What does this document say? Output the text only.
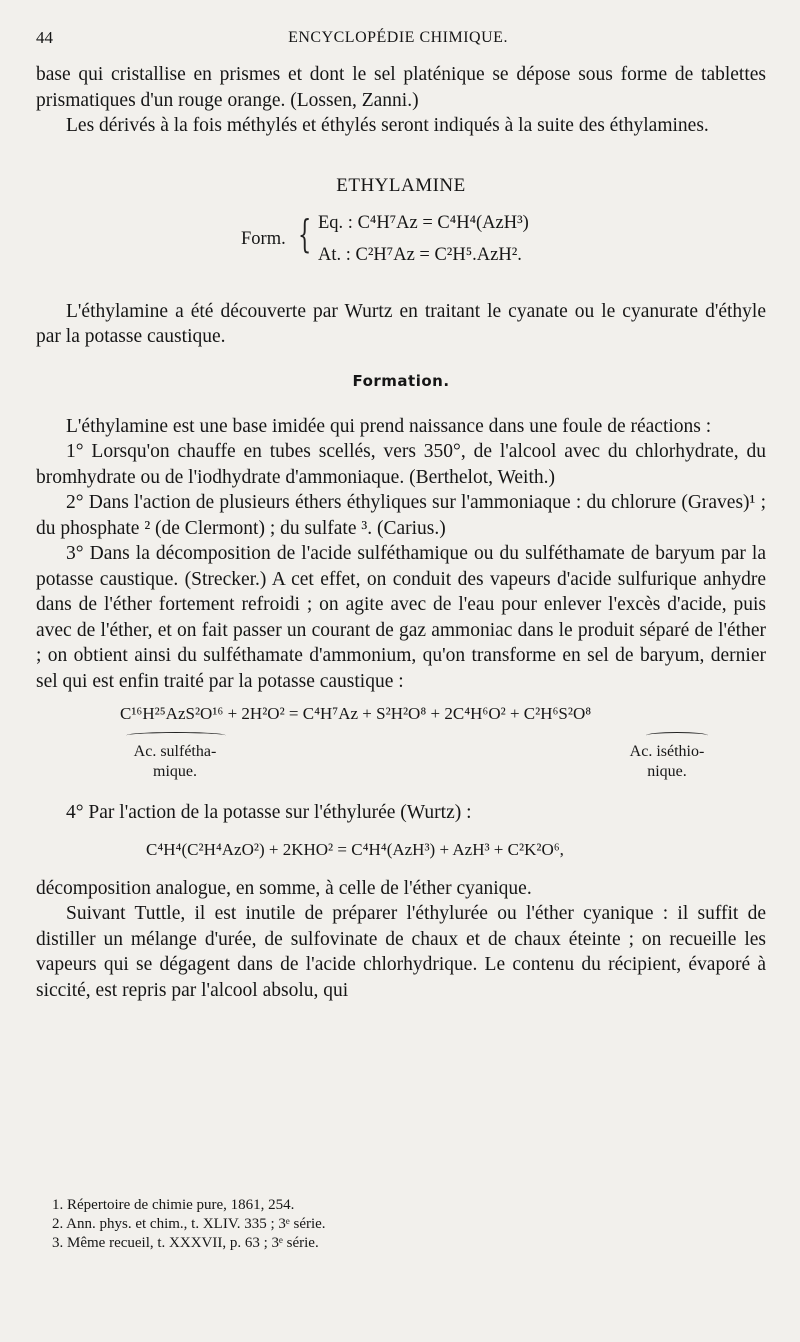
44	ENCYCLOPÉDIE CHIMIQUE.

base qui cristallise en prismes et dont le sel platénique se dépose sous forme de tablettes prismatiques d'un rouge orange. (Lossen, Zanni.)

Les dérivés à la fois méthylés et éthylés seront indiqués à la suite des éthylamines.

ETHYLAMINE
Form. { Eq. : C⁴H⁷Az = C⁴H⁴(AzH³)
At. : C²H⁷Az = C²H⁵.AzH².

L'éthylamine a été découverte par Wurtz en traitant le cyanate ou le cyanurate d'éthyle par la potasse caustique.

Formation.

L'éthylamine est une base imidée qui prend naissance dans une foule de réactions :

1° Lorsqu'on chauffe en tubes scellés, vers 350°, de l'alcool avec du chlorhydrate, du bromhydrate ou de l'iodhydrate d'ammoniaque. (Berthelot, Weith.)

2° Dans l'action de plusieurs éthers éthyliques sur l'ammoniaque : du chlorure (Graves)¹ ; du phosphate ² (de Clermont) ; du sulfate ³. (Carius.)

3° Dans la décomposition de l'acide sulféthamique ou du sulféthamate de baryum par la potasse caustique. (Strecker.) A cet effet, on conduit des vapeurs d'acide sulfurique anhydre dans de l'éther fortement refroidi ; on agite avec de l'eau pour enlever l'excès d'acide, puis avec de l'éther, et on fait passer un courant de gaz ammoniac dans le produit séparé de l'éther ; on obtient ainsi du sulféthamate d'ammonium, qu'on transforme en sel de baryum, dernier sel qui est enfin traité par la potasse caustique :

C¹⁶H²⁵AzS²O¹⁶ + 2H²O² = C⁴H⁷Az + S²H²O⁸ + 2C⁴H⁶O² + C²H⁶S²O⁸
Ac. sulfétha-
mique.
Ac. iséthio-
nique.

4° Par l'action de la potasse sur l'éthylurée (Wurtz) :

C⁴H⁴(C²H⁴AzO²) + 2KHO² = C⁴H⁴(AzH³) + AzH³ + C²K²O⁶,

décomposition analogue, en somme, à celle de l'éther cyanique.

Suivant Tuttle, il est inutile de préparer l'éthylurée ou l'éther cyanique : il suffit de distiller un mélange d'urée, de sulfovinate de chaux et de chaux éteinte ; on recueille les vapeurs qui se dégagent dans de l'acide chlorhydrique. Le contenu du récipient, évaporé à siccité, est repris par l'alcool absolu, qui

1. Répertoire de chimie pure, 1861, 254.
2. Ann. phys. et chim., t. XLIV. 335 ; 3ᵉ série.
3. Même recueil, t. XXXVII, p. 63 ; 3ᵉ série.
